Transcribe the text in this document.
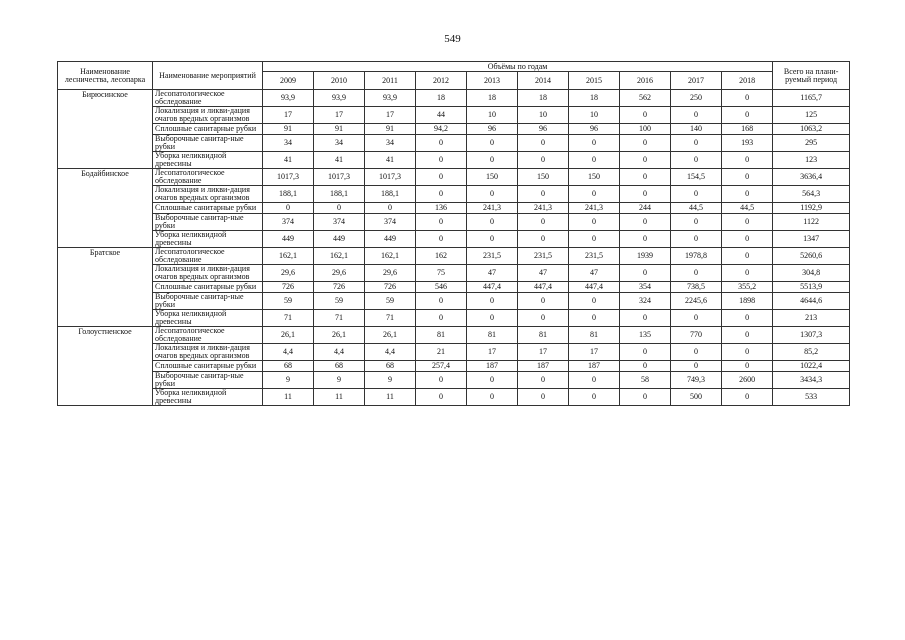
549
Наименование лесничества, лесопарка	Наименование мероприятий	Объёмы по годам										Всего на плани-руемый период
		2009	2010	2011	2012	2013	2014	2015	2016	2017	2018	
Бирюсинское	Лесопатологическое обследование	93,9	93,9	93,9	18	18	18	18	562	250	0	1165,7
	Локализация и ликви-дация очагов вредных организмов	17	17	17	44	10	10	10	0	0	0	125
	Сплошные санитарные рубки	91	91	91	94,2	96	96	96	100	140	168	1063,2
	Выборочные санитар-ные рубки	34	34	34	0	0	0	0	0	0	193	295
	Уборка неликвидной древесины	41	41	41	0	0	0	0	0	0	0	123
Бодайбинское	Лесопатологическое обследование	1017,3	1017,3	1017,3	0	150	150	150	0	154,5	0	3636,4
	Локализация и ликви-дация очагов вредных организмов	188,1	188,1	188,1	0	0	0	0	0	0	0	564,3
	Сплошные санитарные рубки	0	0	0	136	241,3	241,3	241,3	244	44,5	44,5	1192,9
	Выборочные санитар-ные рубки	374	374	374	0	0	0	0	0	0	0	1122
	Уборка неликвидной древесины	449	449	449	0	0	0	0	0	0	0	1347
Братское	Лесопатологическое обследование	162,1	162,1	162,1	162	231,5	231,5	231,5	1939	1978,8	0	5260,6
	Локализация и ликви-дация очагов вредных организмов	29,6	29,6	29,6	75	47	47	47	0	0	0	304,8
	Сплошные санитарные рубки	726	726	726	546	447,4	447,4	447,4	354	738,5	355,2	5513,9
	Выборочные санитар-ные рубки	59	59	59	0	0	0	0	324	2245,6	1898	4644,6
	Уборка неликвидной древесины	71	71	71	0	0	0	0	0	0	0	213
Голоустненское	Лесопатологическое обследование	26,1	26,1	26,1	81	81	81	81	135	770	0	1307,3
	Локализация и ликви-дация очагов вредных организмов	4,4	4,4	4,4	21	17	17	17	0	0	0	85,2
	Сплошные санитарные рубки	68	68	68	257,4	187	187	187	0	0	0	1022,4
	Выборочные санитар-ные рубки	9	9	9	0	0	0	0	58	749,3	2600	3434,3
	Уборка неликвидной древесины	11	11	11	0	0	0	0	0	500	0	533
